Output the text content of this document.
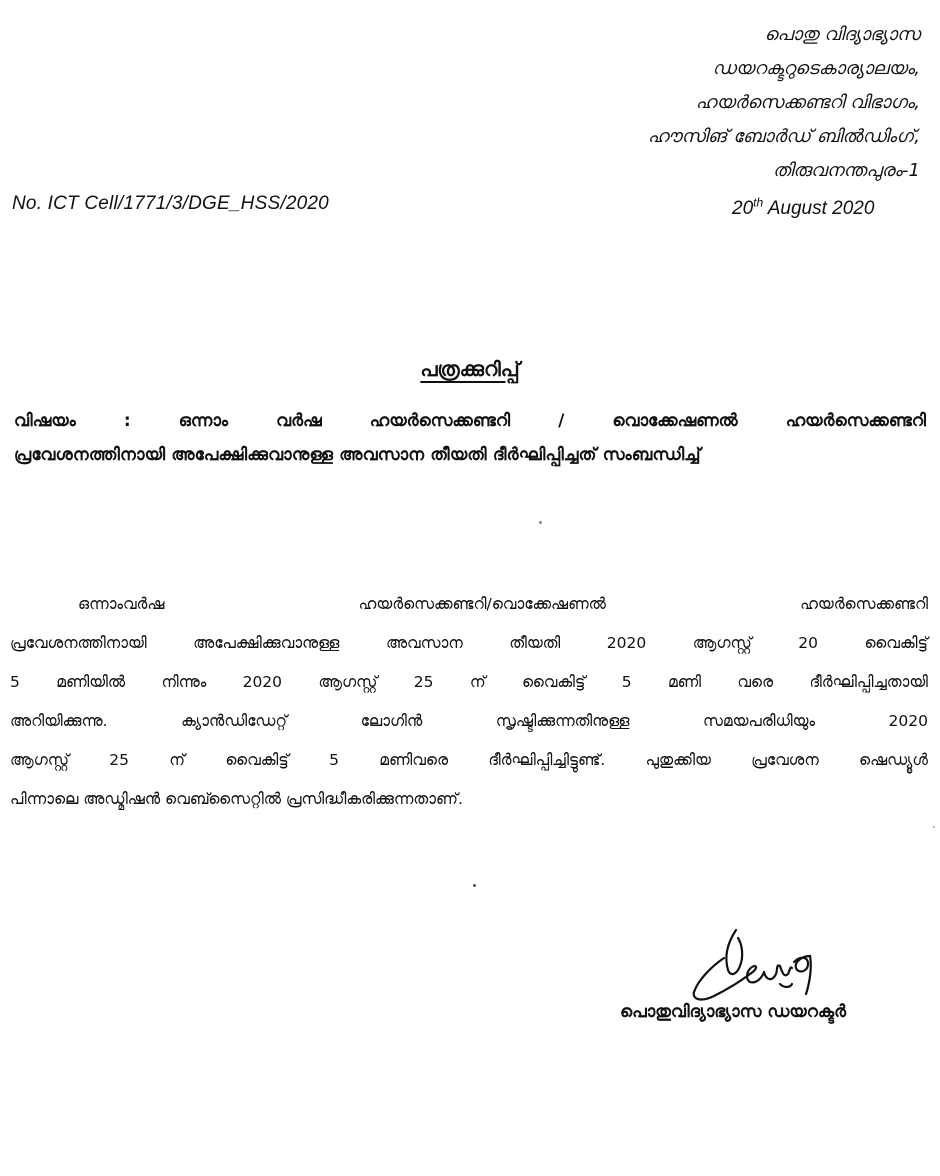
പൊതു വിദ്യാഭ്യാസ
ഡയറക്ടറുടെകാര്യാലയം,
ഹയർസെക്കണ്ടറി വിഭാഗം,
ഹൗസിങ് ബോർഡ് ബിൽഡിംഗ്,
തിരുവനന്തപുരം-1
No. ICT Cell/1771/3/DGE_HSS/2020	20th August 2020
പത്രക്കുറിപ്പ്
വിഷയം	:	ഒന്നാം	വർഷ	ഹയർസെക്കണ്ടറി	/	വൊക്കേഷണൽ	ഹയർസെക്കണ്ടറി
പ്രവേശനത്തിനായി അപേക്ഷിക്കുവാനുള്ള അവസാന തീയതി ദീർഘിപ്പിച്ചത് സംബന്ധിച്ച്
ഒന്നാംവർഷ	ഹയർസെക്കണ്ടറി/വൊക്കേഷണൽ	ഹയർസെക്കണ്ടറി
പ്രവേശനത്തിനായി	അപേക്ഷിക്കുവാനുള്ള	അവസാന	തീയതി	2020	ആഗസ്റ്റ്	20	വൈകിട്ട്
5 മണിയിൽ നിന്നും 2020 ആഗസ്റ്റ് 25 ന് വൈകിട്ട് 5 മണി വരെ ദീർഘിപ്പിച്ചതായി
അറിയിക്കുന്നു.	ക്യാൻഡിഡേറ്റ്	ലോഗിൻ	സൃഷ്ടിക്കുന്നതിനുള്ള	സമയപരിധിയും	2020
ആഗസ്റ്റ്	25	ന്	വൈകിട്ട്	5	മണിവരെ	ദീർഘിപ്പിച്ചിട്ടുണ്ട്.	പുതുക്കിയ	പ്രവേശന	ഷെഡ്യൂൾ
പിന്നാലെ അഡ്മിഷൻ വെബ്സൈറ്റിൽ പ്രസിദ്ധീകരിക്കുന്നതാണ്.
പൊതുവിദ്യാഭ്യാസ ഡയറക്ടർ
